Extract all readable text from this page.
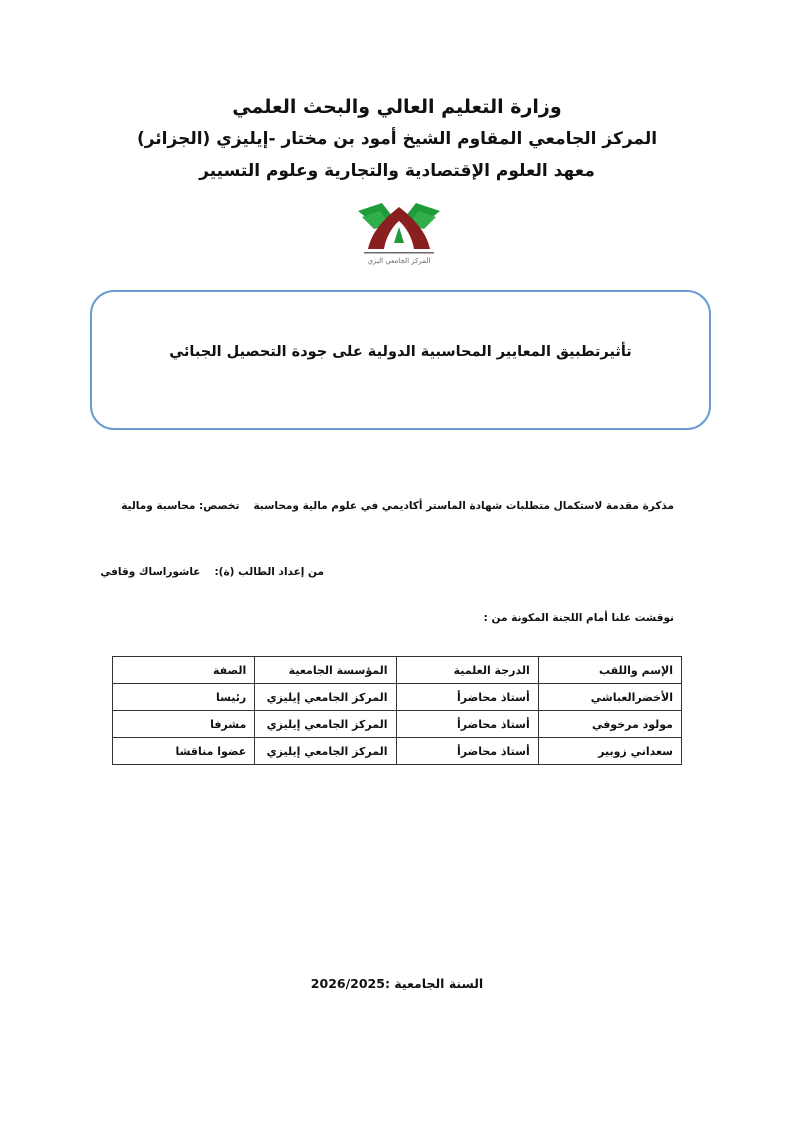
وزارة التعليم العالي والبحث العلمي
المركز الجامعي المقاوم الشيخ أمود بن مختار -إيليزي (الجزائر)
معهد العلوم الإقتصادية والتجارية وعلوم التسيير
المركز الجامعي اليزي
تأثيرتطبيق المعايير المحاسبية الدولية على جودة التحصيل الجبائي
مذكرة مقدمة لاستكمال متطلبات شهادة الماستر أكاديمي في علوم مالية ومحاسبةتخصص: محاسبة ومالية
من إعداد الطالب (ة):عاشوراساك وقافي
نوقشت علنا أمام اللجنة المكونة من :
الإسم واللقب	الدرجة العلمية	المؤسسة الجامعية	الصفة
الأخضرالعباشي	أستاذ محاضرأ	المركز الجامعي إيليزي	رئيسا
مولود مرخوفي	أستاذ محاضرأ	المركز الجامعي إيليزي	مشرفا
سعداني زوبير	أستاذ محاضرأ	المركز الجامعي إيليزي	عضوا مناقشا
السنة الجامعية :2026/2025
